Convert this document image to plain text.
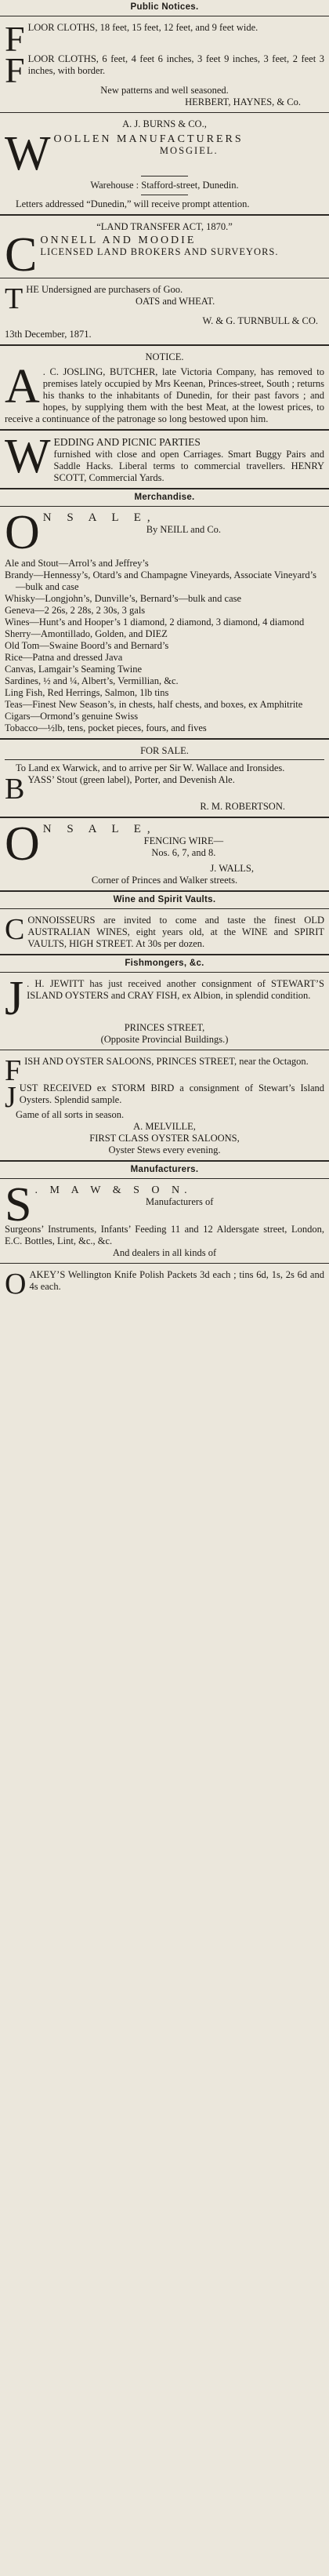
Public Notices.

FLOOR CLOTHS, 18 feet, 15 feet, 12 feet, and 9 feet wide.

FLOOR CLOTHS, 6 feet, 4 feet 6 inches, 3 feet 9 inches, 3 feet, 2 feet 3 inches, with border.

New patterns and well seasoned.
HERBERT, HAYNES, & Co.
A. J. BURNS & CO.,

WOOLLEN MANUFACTURERS

MOSGIEL.
Warehouse : Stafford-street, Dunedin.

Letters addressed “Dunedin,” will receive prompt attention.

“LAND TRANSFER ACT, 1870.”

CONNELL AND MOODIE

LICENSED LAND BROKERS AND SURVEYORS.

THE Undersigned are purchasers of Goo.

OATS and WHEAT.
W. & G. TURNBULL & CO.
13th December, 1871.
NOTICE.

A . C. JOSLING, BUTCHER, late Victoria Company, has removed to premises lately occupied by Mrs Keenan, Princes-street, South ; returns his thanks to the inhabitants of Dunedin, for their past favors ; and hopes, by supplying them with the best Meat, at the lowest prices, to receive a continuance of the patronage so long bestowed upon him.

WEDDING AND PICNIC PARTIES

furnished with close and open Carriages. Smart Buggy Pairs and Saddle Hacks. Liberal terms to commercial travellers. HENRY SCOTT, Commercial Yards.

Merchandise.

O N S A L E,

By NEILL and Co.

Ale and Stout—Arrol’s and Jeffrey’s

Brandy—Hennessy’s, Otard’s and Champagne Vineyards, Associate Vineyard’s—bulk and case

Whisky—Longjohn’s, Dunville’s, Bernard’s—bulk and case

Geneva—2 26s, 2 28s, 2 30s, 3 gals

Wines—Hunt’s and Hooper’s 1 diamond, 2 diamond, 3 diamond, 4 diamond

Sherry—Amontillado, Golden, and DIEZ

Old Tom—Swaine Boord’s and Bernard’s

Rice—Patna and dressed Java

Canvas, Lamgair’s Seaming Twine

Sardines, ½ and ¼, Albert’s, Vermillian, &c.

Ling Fish, Red Herrings, Salmon, 1lb tins

Teas—Finest New Season’s, in chests, half chests, and boxes, ex Amphitrite

Cigars—Ormond’s genuine Swiss

Tobacco—½lb, tens, pocket pieces, fours, and fives

FOR SALE.

To Land ex Warwick, and to arrive per Sir W. Wallace and Ironsides.

BYASS’ Stout (green label), Porter, and Devenish Ale.

R. M. ROBERTSON.

O N S A L E,

FENCING WIRE—
Nos. 6, 7, and 8.
J. WALLS,
Corner of Princes and Walker streets.
Wine and Spirit Vaults.

CONNOISSEURS are invited to come and taste the finest OLD AUSTRALIAN WINES, eight years old, at the WINE and SPIRIT VAULTS, HIGH STREET. At 30s per dozen.

Fishmongers, &c.

J . H. JEWITT has just received another consignment of STEWART’S ISLAND OYSTERS and CRAY FISH, ex Albion, in splendid condition.

PRINCES STREET,
(Opposite Provincial Buildings.)

FISH AND OYSTER SALOONS, PRINCES STREET, near the Octagon.

JUST RECEIVED ex STORM BIRD a consignment of Stewart’s Island Oysters. Splendid sample.

Game of all sorts in season.
A. MELVILLE,
FIRST CLASS OYSTER SALOONS,
Oyster Stews every evening.
Manufacturers.

S . M A W & S O N.

Manufacturers of

Surgeons’ Instruments, Infants’ Feeding 11 and 12 Aldersgate street, London, E.C. Bottles, Lint, &c., &c.

And dealers in all kinds of

OAKEY’S Wellington Knife Polish Packets 3d each ; tins 6d, 1s, 2s 6d and 4s each.
